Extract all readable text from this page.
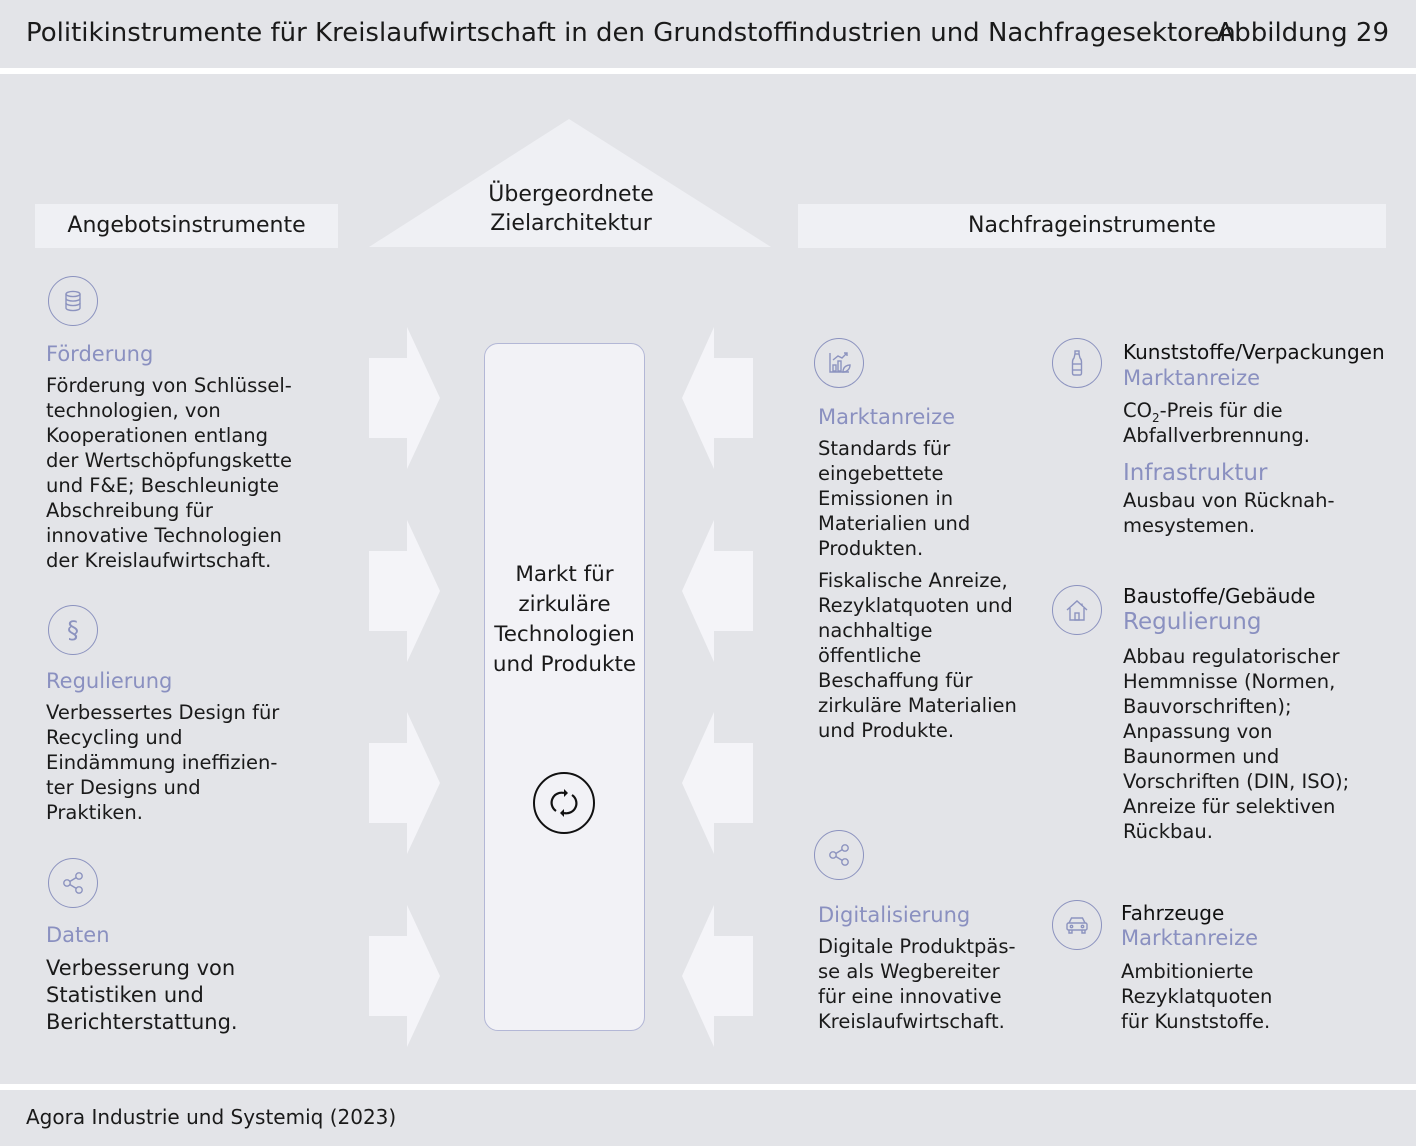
Politikinstrumente für Kreislaufwirtschaft in den Grundstoffindustrien und Nachfragesektoren
Abbildung 29
Übergeordnete
Zielarchitektur
Angebotsinstrumente	Nachfrageinstrumente
Markt für
zirkuläre
Technologien
und Produkte
Förderung
Förderung von Schlüssel-
technologien, von
Kooperationen entlang
der Wertschöpfungskette
und F&E; Beschleunigte
Abschreibung für
innovative Technologien
der Kreislaufwirtschaft.
§
Regulierung
Verbessertes Design für
Recycling und
Eindämmung ineffizien-
ter Designs und
Praktiken.
Daten
Verbesserung von
Statistiken und
Berichterstattung.
Marktanreize
Standards für
eingebettete
Emissionen in
Materialien und
Produkten.
Fiskalische Anreize,
Rezyklatquoten und
nachhaltige
öffentliche
Beschaffung für
zirkuläre Materialien
und Produkte.
Digitalisierung
Digitale Produktpäs-
se als Wegbereiter
für eine innovative
Kreislaufwirtschaft.
Kunststoffe/Verpackungen
Marktanreize
$CO_2$-Preis für die
Abfallverbrennung.
Infrastruktur
Ausbau von Rücknah-
mesystemen.
Baustoffe/Gebäude
Regulierung
Abbau regulatorischer
Hemmnisse (Normen,
Bauvorschriften);
Anpassung von
Baunormen und
Vorschriften (DIN, ISO);
Anreize für selektiven
Rückbau.
Fahrzeuge
Marktanreize
Ambitionierte
Rezyklatquoten
für Kunststoffe.
Agora Industrie und Systemiq (2023)
